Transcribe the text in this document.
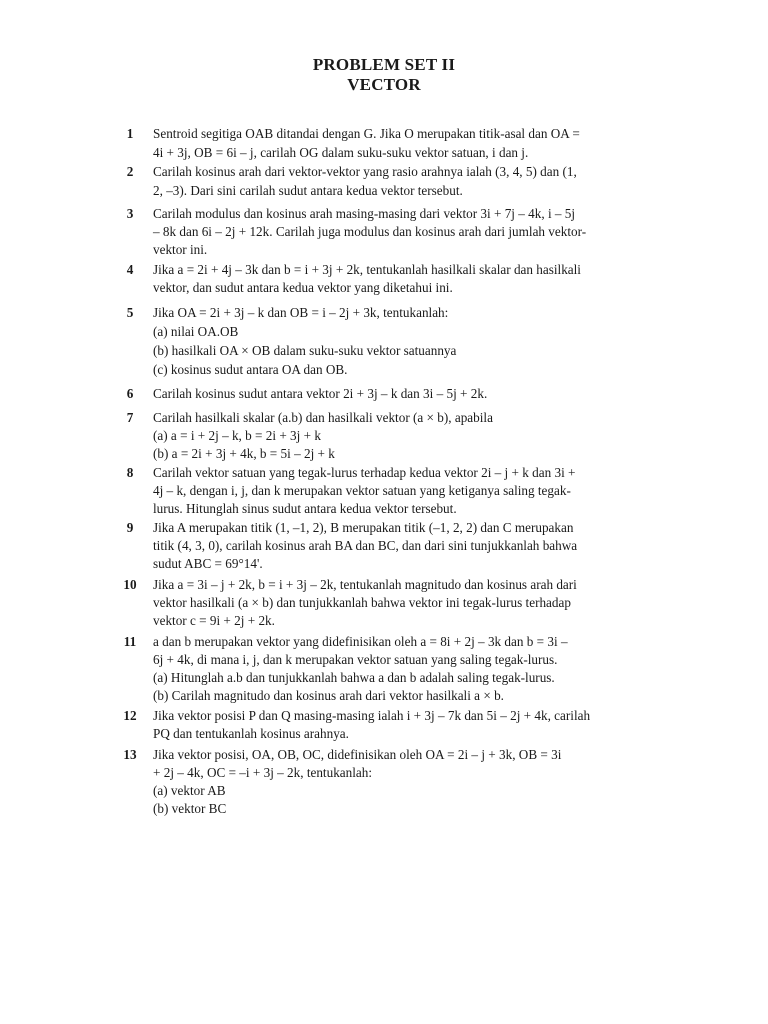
PROBLEM SET II
VECTOR
1	Sentroid segitiga OAB ditandai dengan G. Jika O merupakan titik-asal dan OA =
4i + 3j, OB = 6i – j, carilah OG dalam suku-suku vektor satuan, i dan j.
2	Carilah kosinus arah dari vektor-vektor yang rasio arahnya ialah (3, 4, 5) dan (1,
2, –3). Dari sini carilah sudut antara kedua vektor tersebut.
3	Carilah modulus dan kosinus arah masing-masing dari vektor 3i + 7j – 4k, i – 5j
– 8k dan 6i – 2j + 12k. Carilah juga modulus dan kosinus arah dari jumlah vektor-
vektor ini.
4	Jika a = 2i + 4j – 3k dan b = i + 3j + 2k, tentukanlah hasilkali skalar dan hasilkali
vektor, dan sudut antara kedua vektor yang diketahui ini.
5	Jika OA = 2i + 3j – k dan OB = i – 2j + 3k, tentukanlah:
(a) nilai OA.OB
(b) hasilkali OA × OB dalam suku-suku vektor satuannya
(c) kosinus sudut antara OA dan OB.
6	Carilah kosinus sudut antara vektor 2i + 3j – k dan 3i – 5j + 2k.
7	Carilah hasilkali skalar (a.b) dan hasilkali vektor (a × b), apabila
(a) a = i + 2j – k, b = 2i + 3j + k
(b) a = 2i + 3j + 4k, b = 5i – 2j + k
8	Carilah vektor satuan yang tegak-lurus terhadap kedua vektor 2i – j + k dan 3i +
4j – k, dengan i, j, dan k merupakan vektor satuan yang ketiganya saling tegak-
lurus. Hitunglah sinus sudut antara kedua vektor tersebut.
9	Jika A merupakan titik (1, –1, 2), B merupakan titik (–1, 2, 2) dan C merupakan
titik (4, 3, 0), carilah kosinus arah BA dan BC, dan dari sini tunjukkanlah bahwa
sudut ABC = 69°14'.
10	Jika a = 3i – j + 2k, b = i + 3j – 2k, tentukanlah magnitudo dan kosinus arah dari
vektor hasilkali (a × b) dan tunjukkanlah bahwa vektor ini tegak-lurus terhadap
vektor c = 9i + 2j + 2k.
11	a dan b merupakan vektor yang didefinisikan oleh a = 8i + 2j – 3k dan b = 3i –
6j + 4k, di mana i, j, dan k merupakan vektor satuan yang saling tegak-lurus.
(a) Hitunglah a.b dan tunjukkanlah bahwa a dan b adalah saling tegak-lurus.
(b) Carilah magnitudo dan kosinus arah dari vektor hasilkali a × b.
12	Jika vektor posisi P dan Q masing-masing ialah i + 3j – 7k dan 5i – 2j + 4k, carilah
PQ dan tentukanlah kosinus arahnya.
13	Jika vektor posisi, OA, OB, OC, didefinisikan oleh OA = 2i – j + 3k, OB = 3i
+ 2j – 4k, OC = –i + 3j – 2k, tentukanlah:
(a) vektor AB
(b) vektor BC
